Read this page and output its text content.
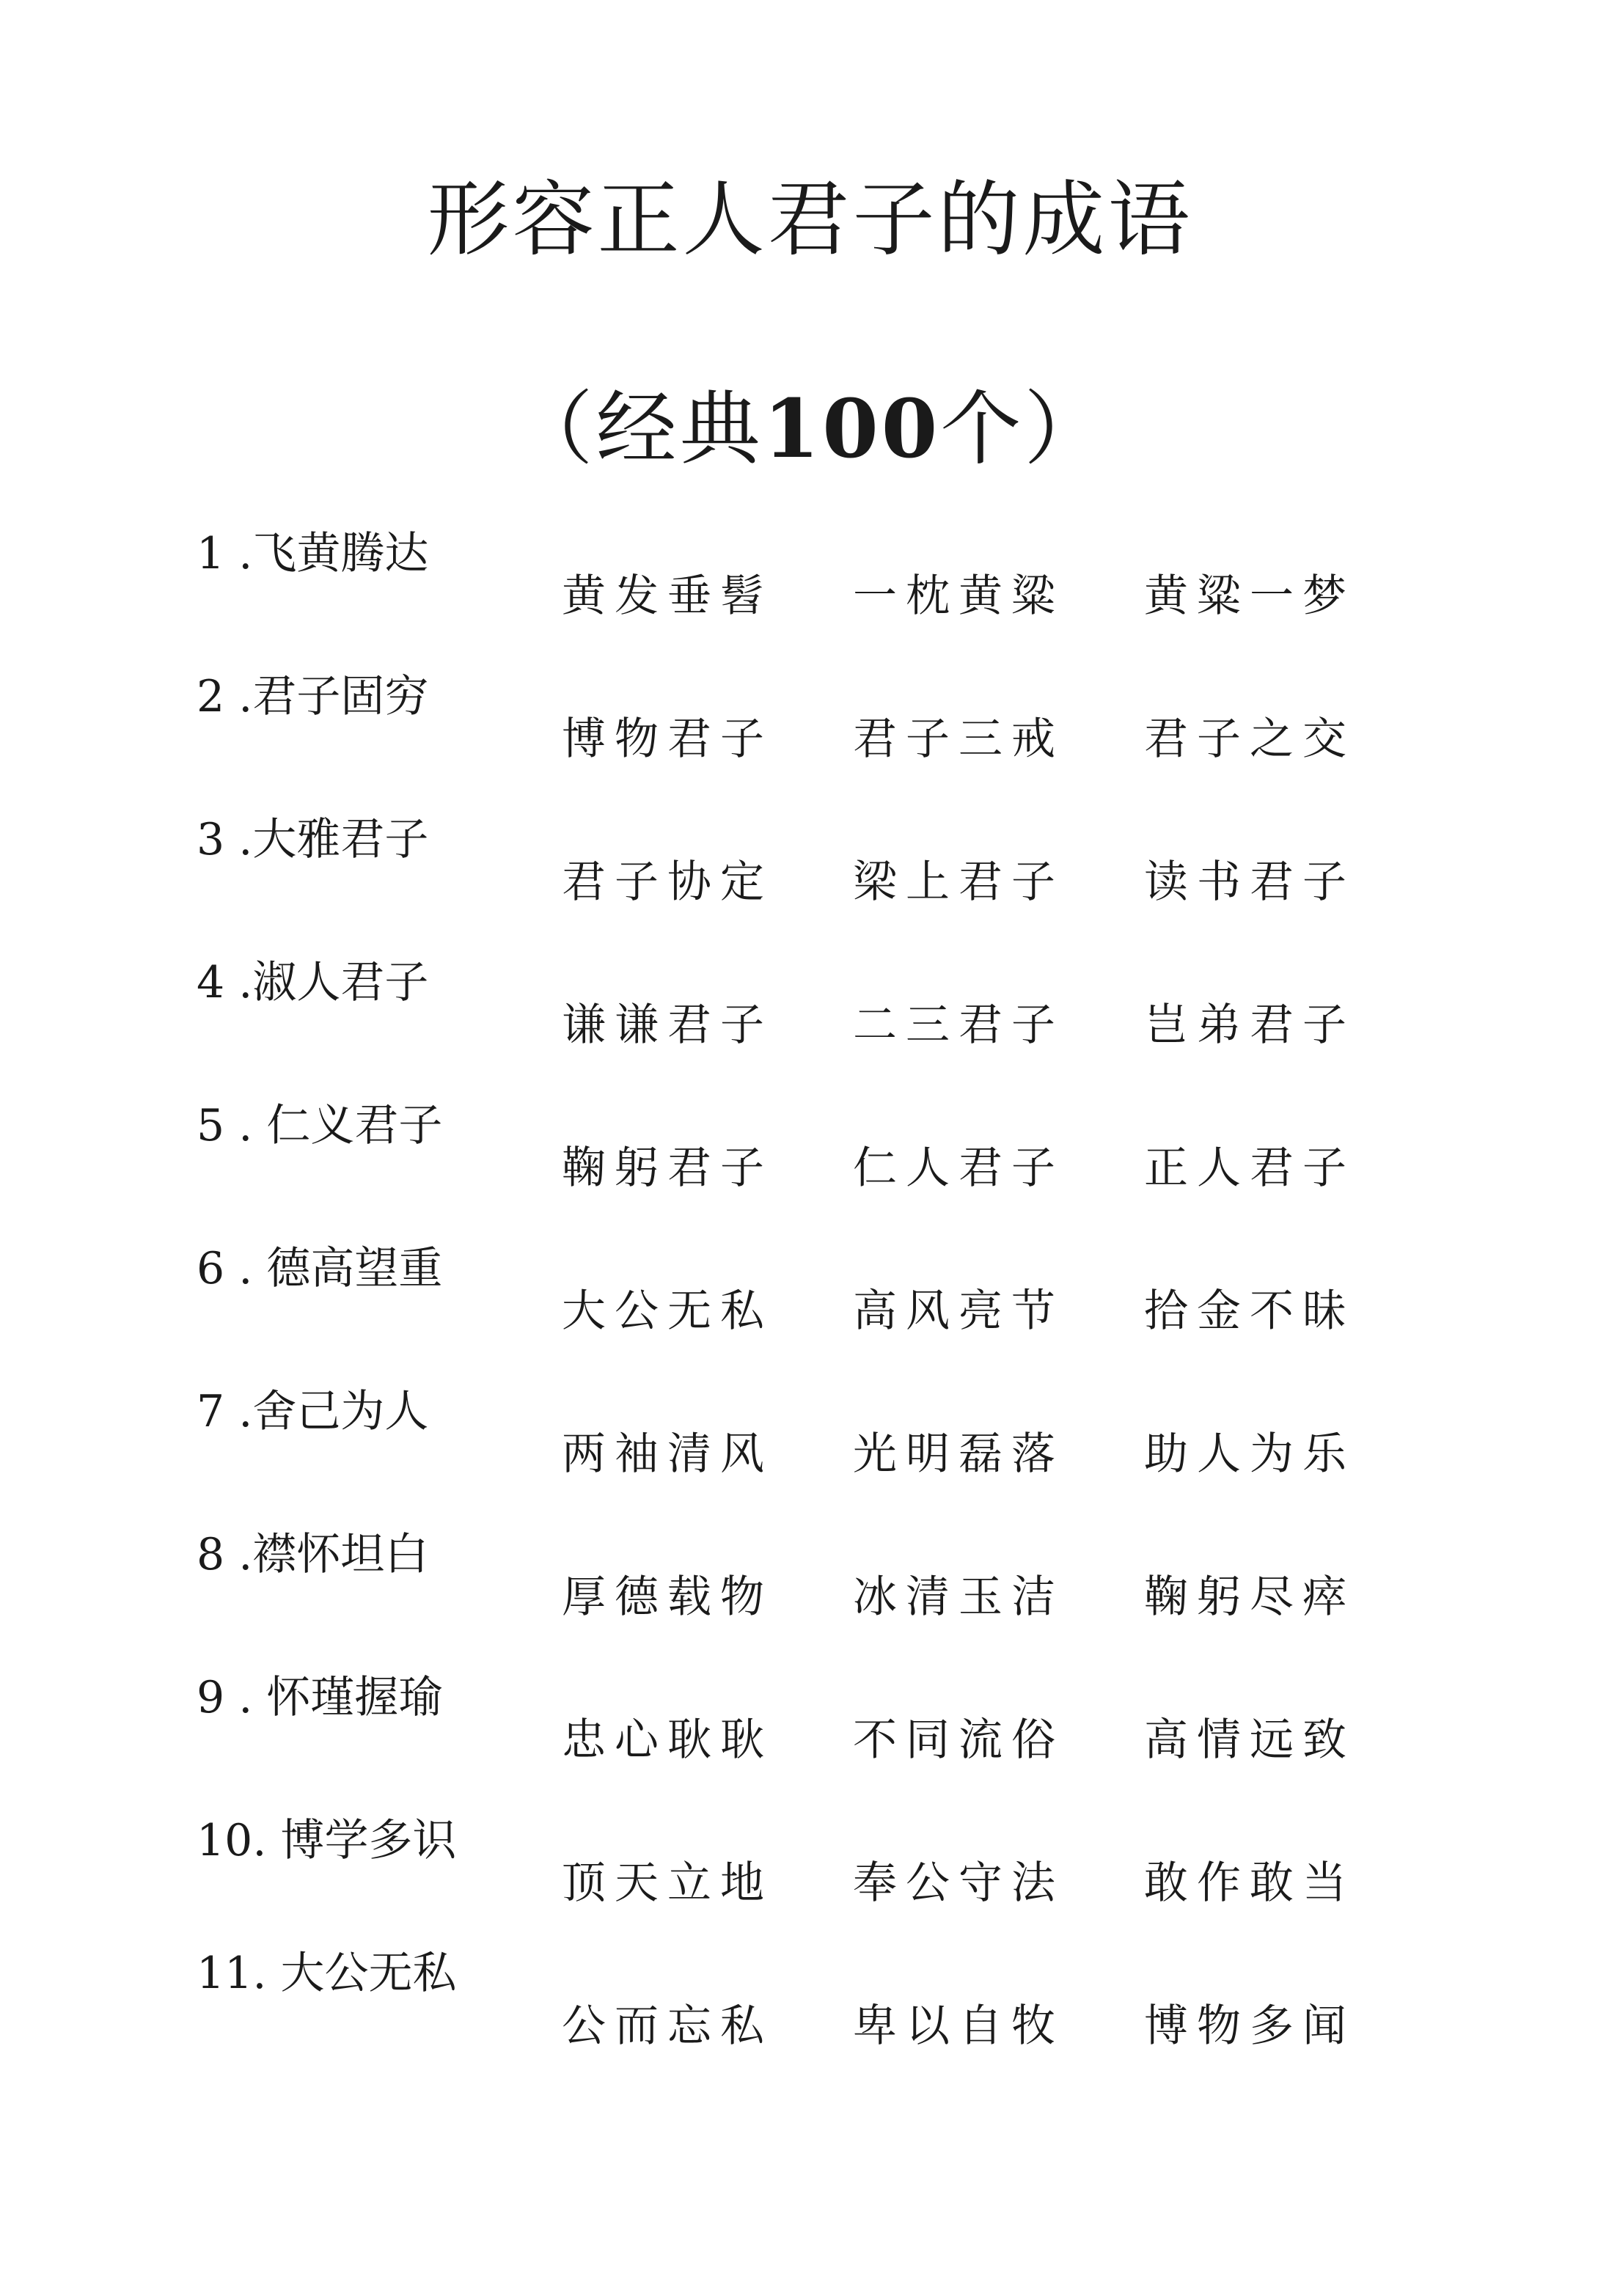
形容正人君子的成语
（经典100个）
1 .飞黄腾达
黄发垂髫 一枕黄粱 黄粱一梦
2 .君子固穷
博物君子 君子三戒 君子之交
3 .大雅君子
君子协定 梁上君子 读书君子
4 .淑人君子
谦谦君子 二三君子 岂弟君子
5 . 仁义君子
鞠躬君子 仁人君子 正人君子
6 . 德高望重
大公无私 高风亮节 拾金不昧
7 .舍己为人
两袖清风 光明磊落 助人为乐
8 .襟怀坦白
厚德载物 冰清玉洁 鞠躬尽瘁
9 . 怀瑾握瑜
忠心耿耿 不同流俗 高情远致
10. 博学多识
顶天立地 奉公守法 敢作敢当
11. 大公无私
公而忘私 卑以自牧 博物多闻
